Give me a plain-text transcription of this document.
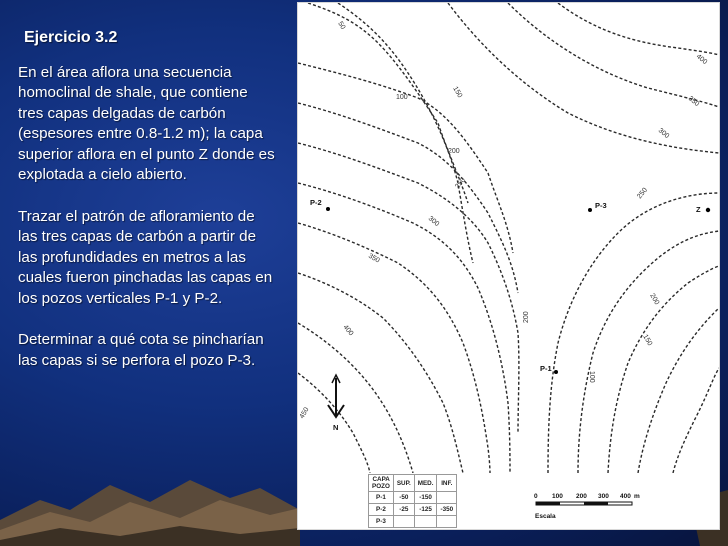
Ejercicio 3.2
En el área aflora una secuencia homoclinal de shale, que contiene tres capas delgadas de carbón (espesores entre 0.8-1.2 m); la capa superior aflora en el punto Z donde es explotada a cielo abierto.
Trazar el patrón de afloramiento de las tres capas de carbón a partir de las profundidades en metros a las cuales fueron pinchadas las capas en los pozos verticales P-1 y P-2.
Determinar a qué cota se pincharían las capas si se perfora el pozo P-3.
50
100	150
200
250
300
350
400
450
400
350
300
250
200
150
100
200
P-2
P-1
P-3	Z
N
CAPA
POZO	SUP.	MED.	INF.
P-1	-50	-150	
P-2	-25	-125	-350
P-3			
0 100 200 300 400 m
Escala
